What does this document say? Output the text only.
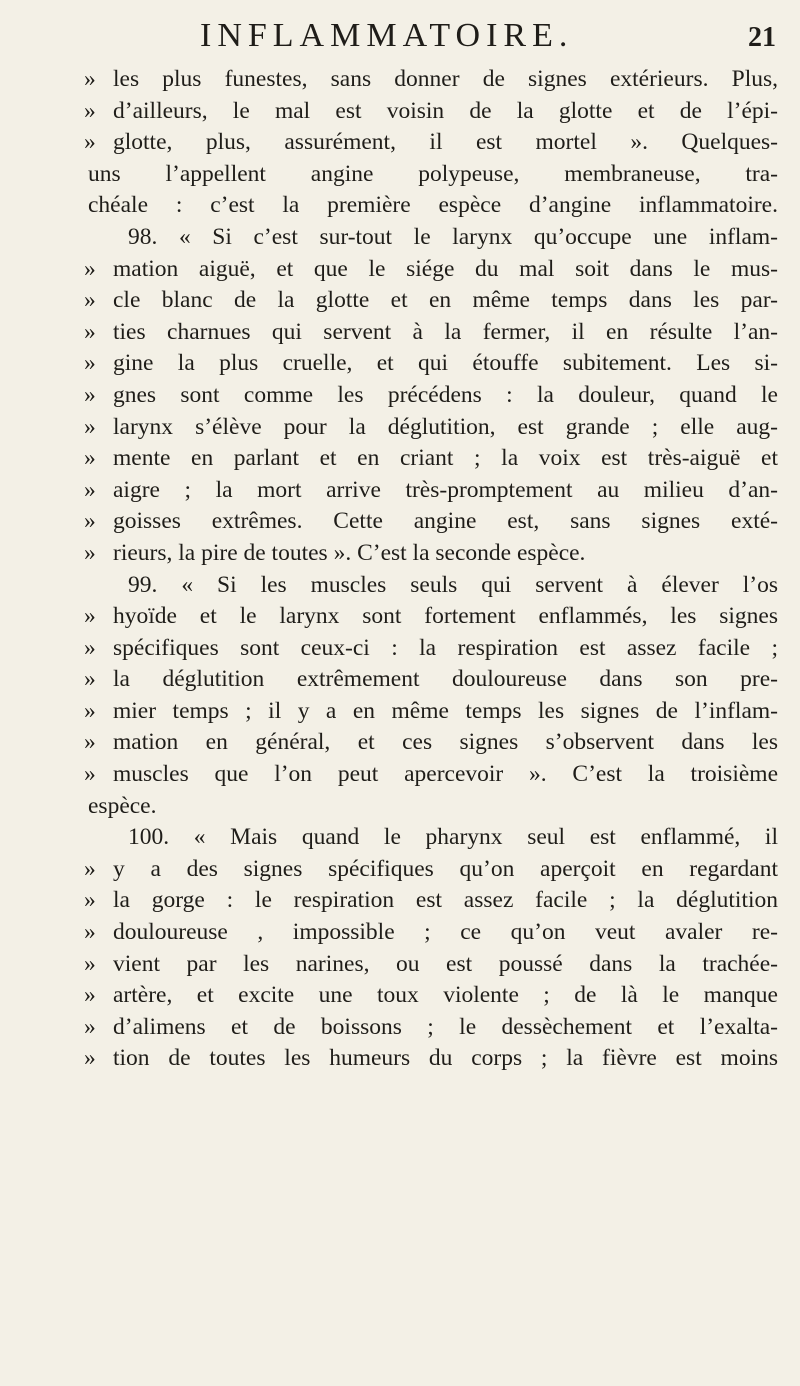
INFLAMMATOIRE.	21
» les plus funestes, sans donner de signes extérieurs. Plus,
» d’ailleurs, le mal est voisin de la glotte et de l’épi-
» glotte, plus, assurément, il est mortel ». Quelques-
uns l’appellent angine polypeuse, membraneuse, tra-
chéale : c’est la première espèce d’angine inflammatoire.
98. « Si c’est sur-tout le larynx qu’occupe une inflam-
» mation aiguë, et que le siége du mal soit dans le mus-
» cle blanc de la glotte et en même temps dans les par-
» ties charnues qui servent à la fermer, il en résulte l’an-
» gine la plus cruelle, et qui étouffe subitement. Les si-
» gnes sont comme les précédens : la douleur, quand le
» larynx s’élève pour la déglutition, est grande ; elle aug-
» mente en parlant et en criant ; la voix est très-aiguë et
» aigre ; la mort arrive très-promptement au milieu d’an-
» goisses extrêmes. Cette angine est, sans signes exté-
» rieurs, la pire de toutes ». C’est la seconde espèce.
99. « Si les muscles seuls qui servent à élever l’os
» hyoïde et le larynx sont fortement enflammés, les signes
» spécifiques sont ceux-ci : la respiration est assez facile ;
» la déglutition extrêmement douloureuse dans son pre-
» mier temps ; il y a en même temps les signes de l’inflam-
» mation en général, et ces signes s’observent dans les
» muscles que l’on peut apercevoir ». C’est la troisième
espèce.
100. « Mais quand le pharynx seul est enflammé, il
» y a des signes spécifiques qu’on aperçoit en regardant
» la gorge : le respiration est assez facile ; la déglutition
» douloureuse , impossible ; ce qu’on veut avaler re-
» vient par les narines, ou est poussé dans la trachée-
» artère, et excite une toux violente ; de là le manque
» d’alimens et de boissons ; le dessèchement et l’exalta-
» tion de toutes les humeurs du corps ; la fièvre est moins
